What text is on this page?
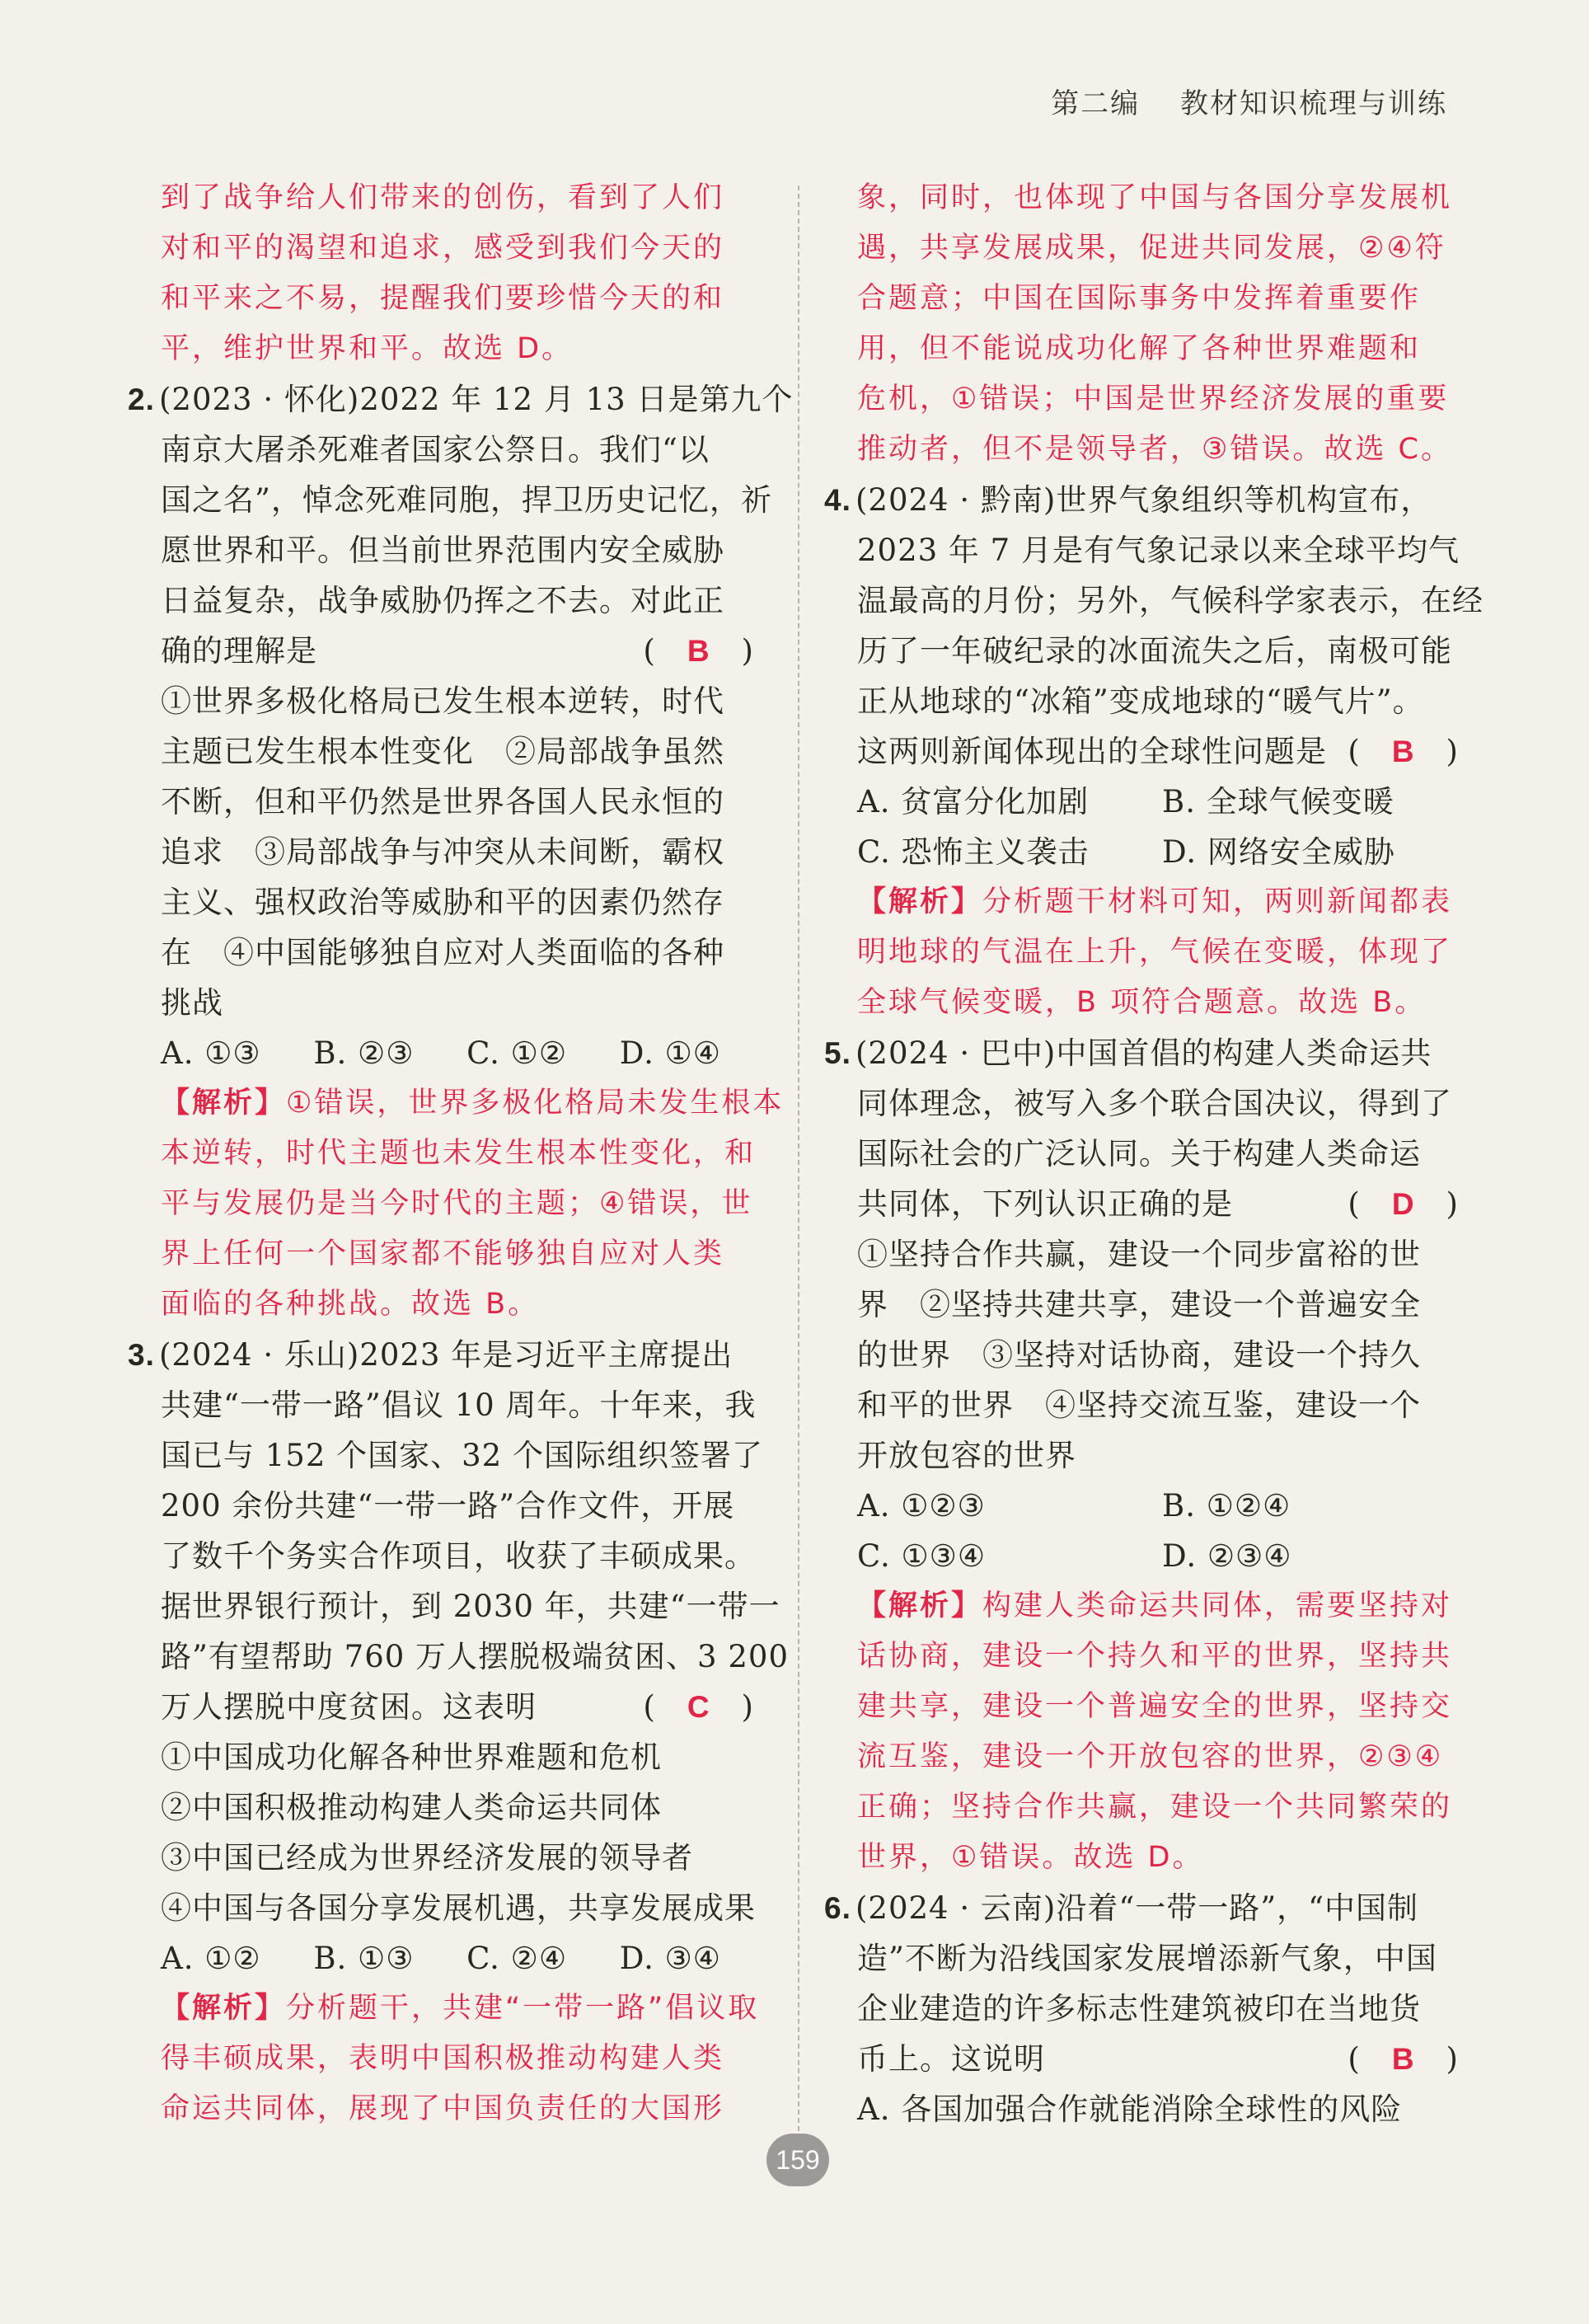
第二编 教材知识梳理与训练

到了战争给人们带来的创伤，看到了人们

对和平的渴望和追求，感受到我们今天的

和平来之不易，提醒我们要珍惜今天的和

平，维护世界和平。故选 D。

2. (2023 · 怀化)2022 年 12 月 13 日是第九个

南京大屠杀死难者国家公祭日。我们“以

国之名”，悼念死难同胞，捍卫历史记忆，祈

愿世界和平。但当前世界范围内安全威胁

日益复杂，战争威胁仍挥之不去。对此正

确的理解是	(　B　)

①世界多极化格局已发生根本逆转，时代

主题已发生根本性变化　②局部战争虽然

不断，但和平仍然是世界各国人民永恒的

追求　③局部战争与冲突从未间断，霸权

主义、强权政治等威胁和平的因素仍然存

在　④中国能够独自应对人类面临的各种

挑战

A. ①③ B. ②③ C. ①② D. ①④

【解析】①错误，世界多极化格局未发生根本

本逆转，时代主题也未发生根本性变化，和

平与发展仍是当今时代的主题；④错误，世

界上任何一个国家都不能够独自应对人类

面临的各种挑战。故选 B。

3. (2024 · 乐山)2023 年是习近平主席提出

共建“一带一路”倡议 10 周年。十年来，我

国已与 152 个国家、32 个国际组织签署了

200 余份共建“一带一路”合作文件，开展

了数千个务实合作项目，收获了丰硕成果。

据世界银行预计，到 2030 年，共建“一带一

路”有望帮助 760 万人摆脱极端贫困、3 200

万人摆脱中度贫困。这表明	(　C　)

①中国成功化解各种世界难题和危机

②中国积极推动构建人类命运共同体

③中国已经成为世界经济发展的领导者

④中国与各国分享发展机遇，共享发展成果

A. ①② B. ①③ C. ②④ D. ③④

【解析】分析题干，共建“一带一路”倡议取

得丰硕成果，表明中国积极推动构建人类

命运共同体，展现了中国负责任的大国形

象，同时，也体现了中国与各国分享发展机

遇，共享发展成果，促进共同发展，②④符

合题意；中国在国际事务中发挥着重要作

用，但不能说成功化解了各种世界难题和

危机，①错误；中国是世界经济发展的重要

推动者，但不是领导者，③错误。故选 C。

4. (2024 · 黔南)世界气象组织等机构宣布，

2023 年 7 月是有气象记录以来全球平均气

温最高的月份；另外，气候科学家表示，在经

历了一年破纪录的冰面流失之后，南极可能

正从地球的“冰箱”变成地球的“暖气片”。

这两则新闻体现出的全球性问题是 (　B　)

A. 贫富分化加剧 B. 全球气候变暖

C. 恐怖主义袭击 D. 网络安全威胁

【解析】分析题干材料可知，两则新闻都表

明地球的气温在上升，气候在变暖，体现了

全球气候变暖，B 项符合题意。故选 B。

5. (2024 · 巴中)中国首倡的构建人类命运共

同体理念，被写入多个联合国决议，得到了

国际社会的广泛认同。关于构建人类命运

共同体，下列认识正确的是	(　D　)

①坚持合作共赢，建设一个同步富裕的世

界　②坚持共建共享，建设一个普遍安全

的世界　③坚持对话协商，建设一个持久

和平的世界　④坚持交流互鉴，建设一个

开放包容的世界

A. ①②③	B. ①②④

C. ①③④	D. ②③④

【解析】构建人类命运共同体，需要坚持对

话协商，建设一个持久和平的世界，坚持共

建共享，建设一个普遍安全的世界，坚持交

流互鉴，建设一个开放包容的世界，②③④

正确；坚持合作共赢，建设一个共同繁荣的

世界，①错误。故选 D。

6. (2024 · 云南)沿着“一带一路”，“中国制

造”不断为沿线国家发展增添新气象，中国

企业建造的许多标志性建筑被印在当地货

币上。这说明	(　B　)

A. 各国加强合作就能消除全球性的风险

159
